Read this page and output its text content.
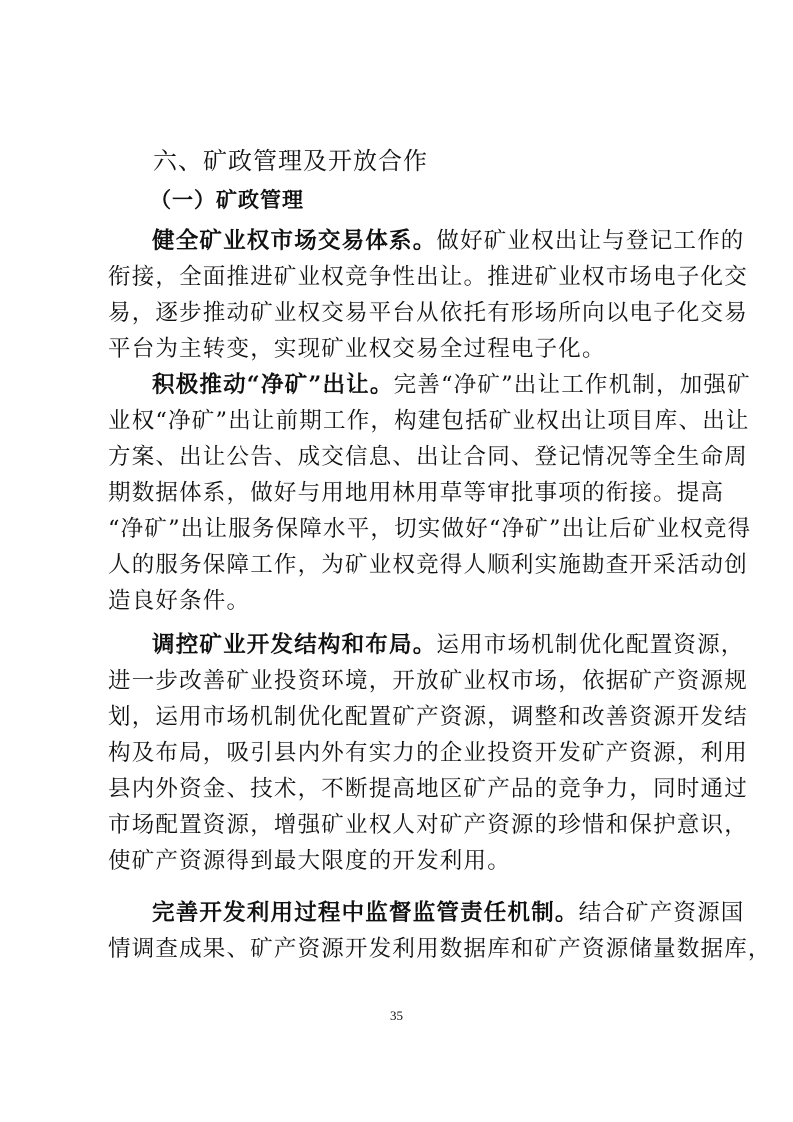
六、矿政管理及开放合作
（一）矿政管理
健全矿业权市场交易体系。做好矿业权出让与登记工作的
衔接，全面推进矿业权竞争性出让。推进矿业权市场电子化交
易，逐步推动矿业权交易平台从依托有形场所向以电子化交易
平台为主转变，实现矿业权交易全过程电子化。
积极推动“净矿”出让。完善“净矿”出让工作机制，加强矿
业权“净矿”出让前期工作，构建包括矿业权出让项目库、出让
方案、出让公告、成交信息、出让合同、登记情况等全生命周
期数据体系，做好与用地用林用草等审批事项的衔接。提高
“净矿”出让服务保障水平，切实做好“净矿”出让后矿业权竞得
人的服务保障工作，为矿业权竞得人顺利实施勘查开采活动创
造良好条件。
调控矿业开发结构和布局。运用市场机制优化配置资源，
进一步改善矿业投资环境，开放矿业权市场，依据矿产资源规
划，运用市场机制优化配置矿产资源，调整和改善资源开发结
构及布局，吸引县内外有实力的企业投资开发矿产资源，利用
县内外资金、技术，不断提高地区矿产品的竞争力，同时通过
市场配置资源，增强矿业权人对矿产资源的珍惜和保护意识，
使矿产资源得到最大限度的开发利用。
完善开发利用过程中监督监管责任机制。结合矿产资源国
情调查成果、矿产资源开发利用数据库和矿产资源储量数据库，
35
